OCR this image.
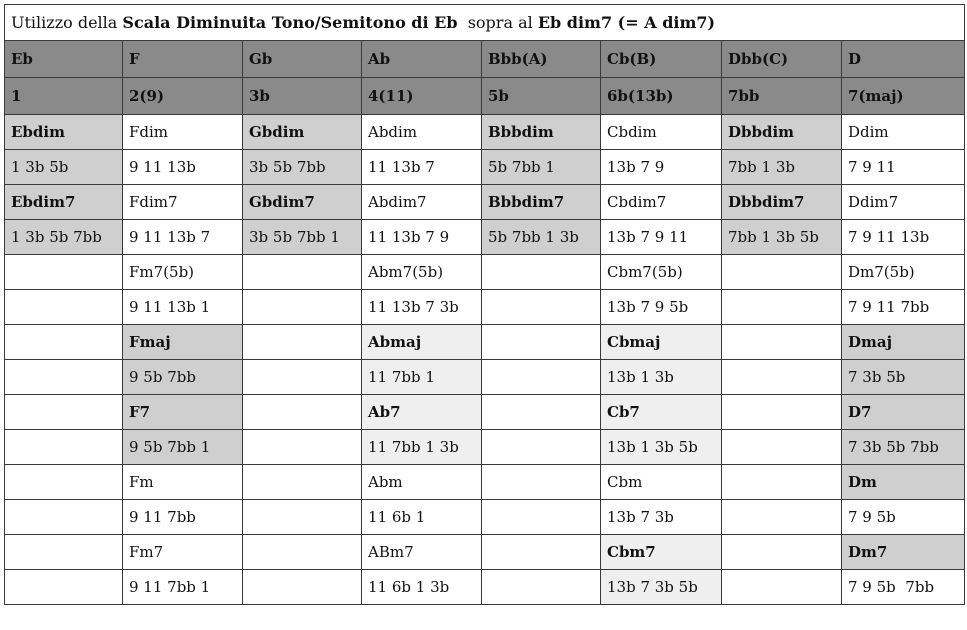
Utilizzo della Scala Diminuita Tono/Semitono di Eb  sopra al Eb dim7 (= A dim7)							
Eb	F	Gb	Ab	Bbb(A)	Cb(B)	Dbb(C)	D
1	2(9)	3b	4(11)	5b	6b(13b)	7bb	7(maj)
Ebdim	Fdim	Gbdim	Abdim	Bbbdim	Cbdim	Dbbdim	Ddim
1 3b 5b	9 11 13b	3b 5b 7bb	11 13b 7	5b 7bb 1	13b 7 9	7bb 1 3b	7 9 11
Ebdim7	Fdim7	Gbdim7	Abdim7	Bbbdim7	Cbdim7	Dbbdim7	Ddim7
1 3b 5b 7bb	9 11 13b 7	3b 5b 7bb 1	11 13b 7 9	5b 7bb 1 3b	13b 7 9 11	7bb 1 3b 5b	7 9 11 13b
	Fm7(5b)		Abm7(5b)		Cbm7(5b)		Dm7(5b)
	9 11 13b 1		11 13b 7 3b		13b 7 9 5b		7 9 11 7bb
	Fmaj		Abmaj		Cbmaj		Dmaj
	9 5b 7bb		11 7bb 1		13b 1 3b		7 3b 5b
	F7		Ab7		Cb7		D7
	9 5b 7bb 1		11 7bb 1 3b		13b 1 3b 5b		7 3b 5b 7bb
	Fm		Abm		Cbm		Dm
	9 11 7bb		11 6b 1		13b 7 3b		7 9 5b
	Fm7		ABm7		Cbm7		Dm7
	9 11 7bb 1		11 6b 1 3b		13b 7 3b 5b		7 9 5b  7bb
